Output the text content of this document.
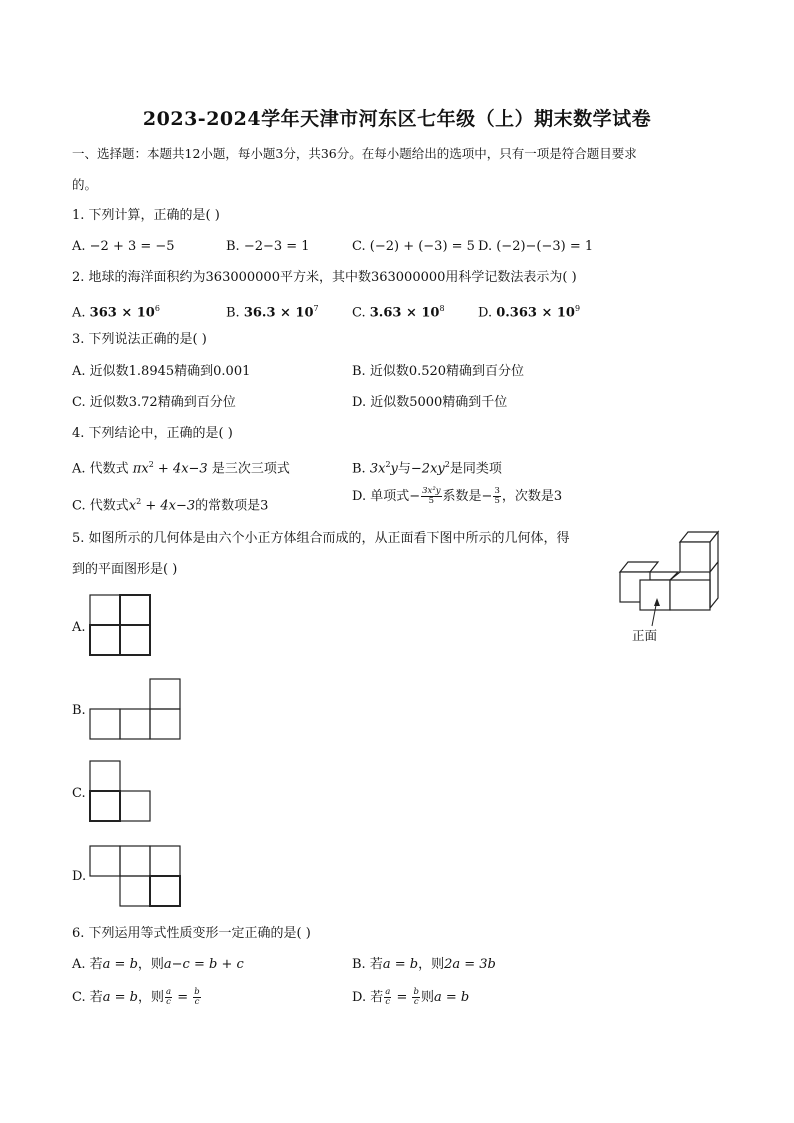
2023-2024学年天津市河东区七年级（上）期末数学试卷
一、选择题：本题共12小题，每小题3分，共36分。在每小题给出的选项中，只有一项是符合题目要求
的。
1. 下列计算，正确的是( )
A. −2 + 3 = −5	B. −2−3 = 1	C. (−2) + (−3) = 5 D. (−2)−(−3) = 1
2. 地球的海洋面积约为363000000平方米，其中数363000000用科学记数法表示为( )
A. $363 \times 10^6$	B. $36.3 \times 10^7$	C. $3.63 \times 10^8$	D. $0.363 \times 10^9$
3. 下列说法正确的是( )
A. 近似数1.8945精确到0.001	B. 近似数0.520精确到百分位
C. 近似数3.72精确到百分位	D. 近似数5000精确到千位
4. 下列结论中，正确的是( )
A. 代数式 $\pi x^2 + 4x-3$ 是三次三项式	B. $3x^2y$与$-2xy^2$是同类项
C. 代数式$x^2 + 4x-3$的常数项是3
D. 单项式− $\frac{\text{3x²y}}{5}$ 系数是− $\frac{3}{5}$ ，次数是3
5. 如图所示的几何体是由六个小正方体组合而成的，从正面看下图中所示的几何体，得
到的平面图形是( )
正面
A.
B.
C.
D.
6. 下列运用等式性质变形一定正确的是( )
A. 若a = b，则a−c = b + c	B. 若a = b，则2a = 3b
C. 若a = b，则 $\frac{a}{c} = \frac{b}{c}$	D. 若 $\frac{a}{c} = \frac{b}{c}$ 则a = b
